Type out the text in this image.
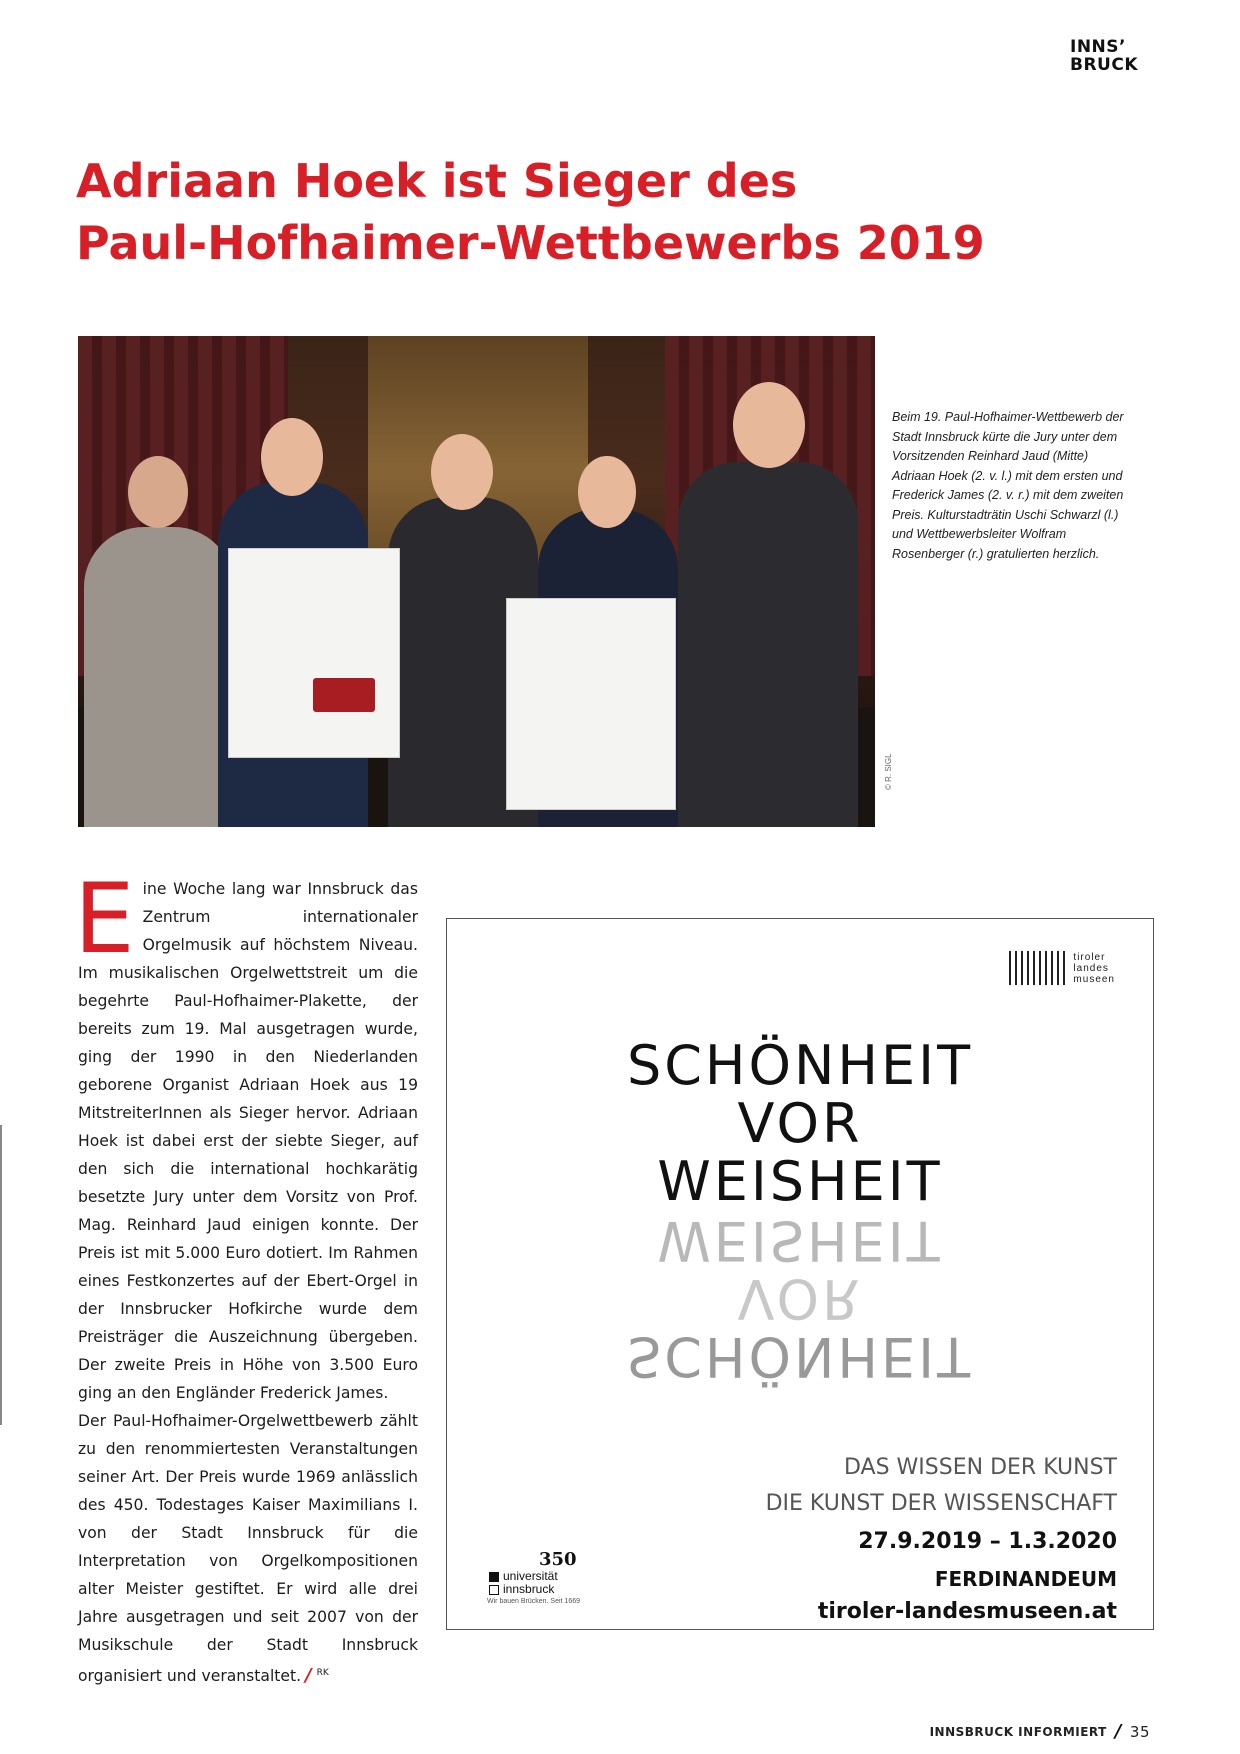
INNS’
BRUCK
Adriaan Hoek ist Sieger des
Paul-Hofhaimer-Wettbewerbs 2019
© R. SIGL
Beim 19. Paul-Hofhaimer-Wettbewerb der Stadt Innsbruck kürte die Jury unter dem Vorsitzenden Reinhard Jaud (Mitte) Adriaan Hoek (2. v. l.) mit dem ersten und Frederick James (2. v. r.) mit dem zweiten Preis. Kulturstadträtin Uschi Schwarzl (l.) und Wettbewerbsleiter Wolfram Rosenberger (r.) gratulierten herzlich.

Eine Woche lang war Innsbruck das Zentrum internationaler Orgelmusik auf höchstem Niveau. Im musikalischen Orgelwettstreit um die begehrte Paul-Hofhaimer-Plakette, der bereits zum 19. Mal ausgetragen wurde, ging der 1990 in den Niederlanden geborene Organist Adriaan Hoek aus 19 MitstreiterInnen als Sieger hervor. Adriaan Hoek ist dabei erst der siebte Sieger, auf den sich die international hochkarätig besetzte Jury unter dem Vorsitz von Prof. Mag. Reinhard Jaud einigen konnte. Der Preis ist mit 5.000 Euro dotiert. Im Rahmen eines Festkonzertes auf der Ebert-Orgel in der Innsbrucker Hofkirche wurde dem Preisträger die Auszeichnung übergeben. Der zweite Preis in Höhe von 3.500 Euro ging an den Engländer Frederick James.

Der Paul-Hofhaimer-Orgelwettbewerb zählt zu den renommiertesten Veranstaltungen seiner Art. Der Preis wurde 1969 anlässlich des 450. Todestages Kaiser Maximilians I. von der Stadt Innsbruck für die Interpretation von Orgelkompositionen alter Meister gestiftet. Er wird alle drei Jahre ausgetragen und seit 2007 von der Musikschule der Stadt Innsbruck organisiert und veranstaltet. / $^{RK}$

tiroler
landes
museen
SCHÖNHEIT
VOR
WEISHEIT
WEISHEIT
VOR
SCHÖNHEIT
350
universität
innsbruck
Wir bauen Brücken. Seit 1669
DAS WISSEN DER KUNST
DIE KUNST DER WISSENSCHAFT
27.9.2019 – 1.3.2020
FERDINANDEUM
tiroler-landesmuseen.at
INNSBRUCK INFORMIERT / 35
